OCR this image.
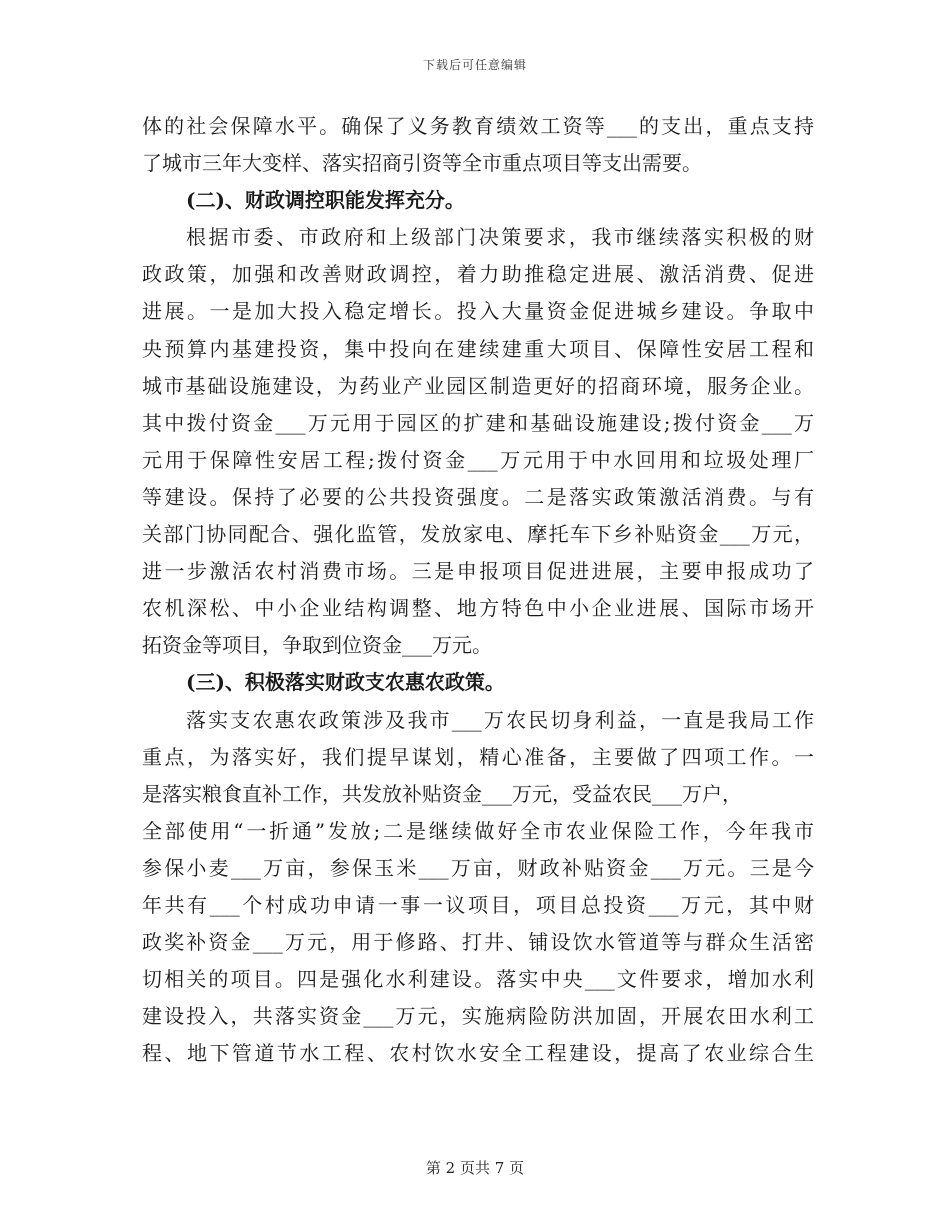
下载后可任意编辑
体的社会保障水平。确保了义务教育绩效工资等___的支出，重点支持
了城市三年大变样、落实招商引资等全市重点项目等支出需要。
(二)、财政调控职能发挥充分。
根据市委、市政府和上级部门决策要求，我市继续落实积极的财
政政策，加强和改善财政调控，着力助推稳定进展、激活消费、促进
进展。一是加大投入稳定增长。投入大量资金促进城乡建设。争取中
央预算内基建投资，集中投向在建续建重大项目、保障性安居工程和
城市基础设施建设，为药业产业园区制造更好的招商环境，服务企业。
其中拨付资金___万元用于园区的扩建和基础设施建设;拨付资金___万
元用于保障性安居工程;拨付资金___万元用于中水回用和垃圾处理厂
等建设。保持了必要的公共投资强度。二是落实政策激活消费。与有
关部门协同配合、强化监管，发放家电、摩托车下乡补贴资金___万元，
进一步激活农村消费市场。三是申报项目促进进展，主要申报成功了
农机深松、中小企业结构调整、地方特色中小企业进展、国际市场开
拓资金等项目，争取到位资金___万元。
(三)、积极落实财政支农惠农政策。
落实支农惠农政策涉及我市___万农民切身利益，一直是我局工作
重点，为落实好，我们提早谋划，精心准备，主要做了四项工作。一
是落实粮食直补工作，共发放补贴资金___万元，受益农民___万户，
全部使用“一折通”发放;二是继续做好全市农业保险工作，今年我市
参保小麦___万亩，参保玉米___万亩，财政补贴资金___万元。三是今
年共有___个村成功申请一事一议项目，项目总投资___万元，其中财
政奖补资金___万元，用于修路、打井、铺设饮水管道等与群众生活密
切相关的项目。四是强化水利建设。落实中央___文件要求，增加水利
建设投入，共落实资金___万元，实施病险防洪加固，开展农田水利工
程、地下管道节水工程、农村饮水安全工程建设，提高了农业综合生
第 2 页共 7 页
